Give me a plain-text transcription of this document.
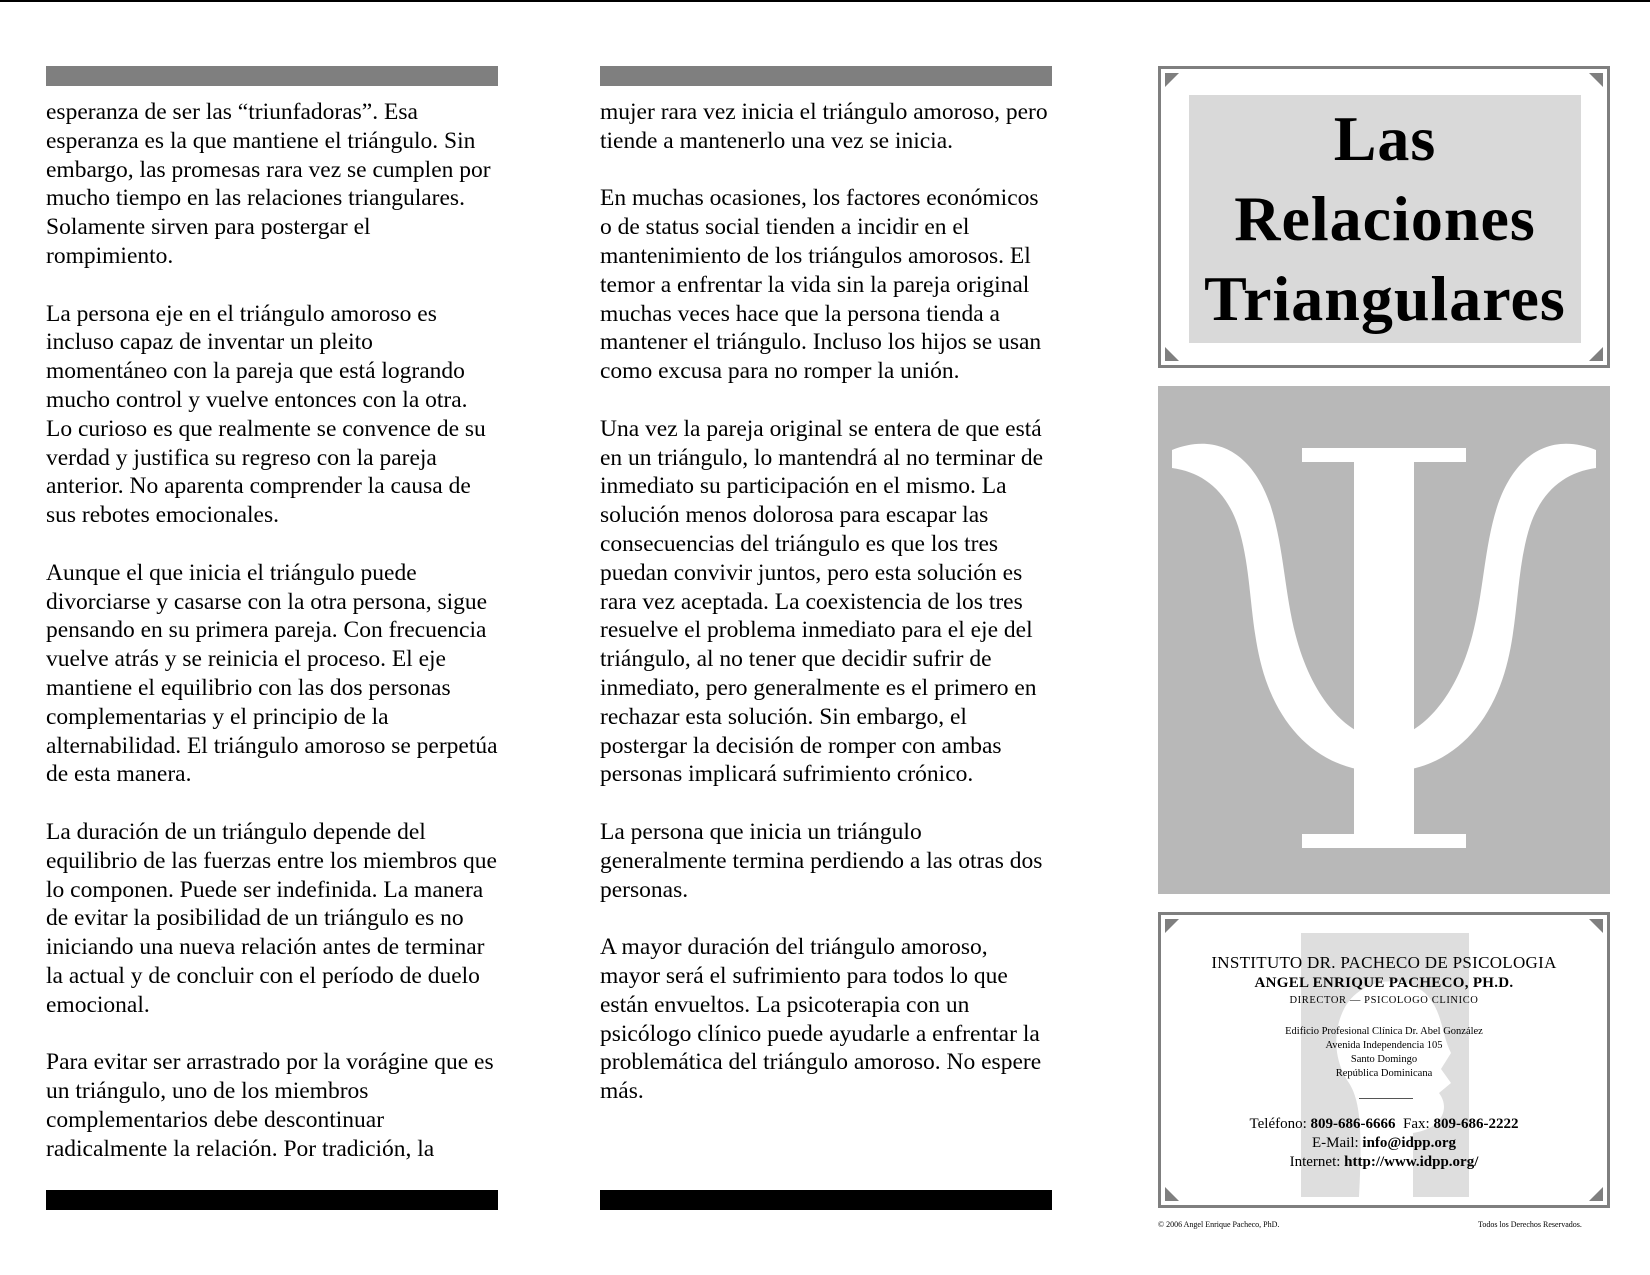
esperanza de ser las “triunfadoras”. Esa esperanza es la que mantiene el triángulo. Sin embargo, las promesas rara vez se cumplen por mucho tiempo en las relaciones triangulares. Solamente sirven para postergar el rompimiento.

La persona eje en el triángulo amoroso es incluso capaz de inventar un pleito momentáneo con la pareja que está logrando mucho control y vuelve entonces con la otra. Lo curioso es que realmente se convence de su verdad y justifica su regreso con la pareja anterior. No aparenta comprender la causa de sus rebotes emocionales.

Aunque el que inicia el triángulo puede divorciarse y casarse con la otra persona, sigue pensando en su primera pareja. Con frecuencia vuelve atrás y se reinicia el proceso. El eje mantiene el equilibrio con las dos personas complementarias y el principio de la alternabilidad. El triángulo amoroso se perpetúa de esta manera.

La duración de un triángulo depende del equilibrio de las fuerzas entre los miembros que lo componen. Puede ser indefinida. La manera de evitar la posibilidad de un triángulo es no iniciando una nueva relación antes de terminar la actual y de concluir con el período de duelo emocional.

Para evitar ser arrastrado por la vorágine que es un triángulo, uno de los miembros complementarios debe descontinuar radicalmente la relación. Por tradición, la

mujer rara vez inicia el triángulo amoroso, pero tiende a mantenerlo una vez se inicia.

En muchas ocasiones, los factores económicos o de status social tienden a incidir en el mantenimiento de los triángulos amorosos. El temor a enfrentar la vida sin la pareja original muchas veces hace que la persona tienda a mantener el triángulo. Incluso los hijos se usan como excusa para no romper la unión.

Una vez la pareja original se entera de que está en un triángulo, lo mantendrá al no terminar de inmediato su participación en el mismo. La solución menos dolorosa para escapar las consecuencias del triángulo es que los tres puedan convivir juntos, pero esta solución es rara vez aceptada. La coexistencia de los tres resuelve el problema inmediato para el eje del triángulo, al no tener que decidir sufrir de inmediato, pero generalmente es el primero en rechazar esta solución. Sin embargo, el postergar la decisión de romper con ambas personas implicará sufrimiento crónico.

La persona que inicia un triángulo generalmente termina perdiendo a las otras dos personas.

A mayor duración del triángulo amoroso, mayor será el sufrimiento para todos lo que están envueltos. La psicoterapia con un psicólogo clínico puede ayudarle a enfrentar la problemática del triángulo amoroso. No espere más.

Las
Relaciones
Triangulares
INSTITUTO DR. PACHECO DE PSICOLOGIA
ANGEL ENRIQUE PACHECO, PH.D.
DIRECTOR — PSICOLOGO CLINICO
Edificio Profesional Clínica Dr. Abel González
Avenida Independencia 105
Santo Domingo
República Dominicana
Teléfono: 809-686-6666 Fax: 809-686-2222
E-Mail: info@idpp.org
Internet: http://www.idpp.org/
© 2006 Angel Enrique Pacheco, PhD.	Todos los Derechos Reservados.
